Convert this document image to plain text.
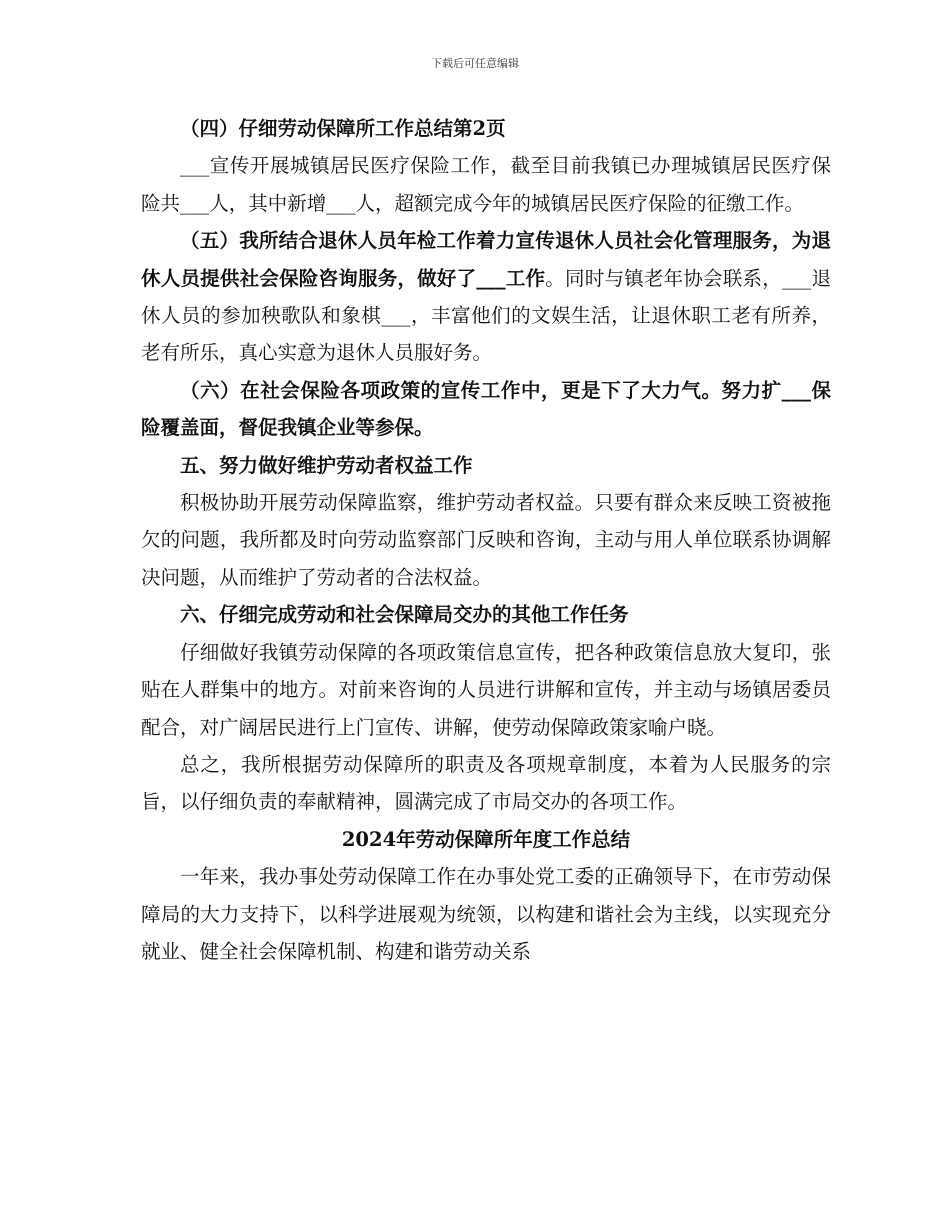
下载后可任意编辑

（四）仔细劳动保障所工作总结第2页

___宣传开展城镇居民医疗保险工作，截至目前我镇已办理城镇居民医疗保险共___人，其中新增___人，超额完成今年的城镇居民医疗保险的征缴工作。

（五）我所结合退休人员年检工作着力宣传退休人员社会化管理服务，为退休人员提供社会保险咨询服务，做好了___工作。同时与镇老年协会联系，___退休人员的参加秧歌队和象棋___，丰富他们的文娱生活，让退休职工老有所养，老有所乐，真心实意为退休人员服好务。

（六）在社会保险各项政策的宣传工作中，更是下了大力气。努力扩___保险覆盖面，督促我镇企业等参保。

五、努力做好维护劳动者权益工作

积极协助开展劳动保障监察，维护劳动者权益。只要有群众来反映工资被拖欠的问题，我所都及时向劳动监察部门反映和咨询，主动与用人单位联系协调解决问题，从而维护了劳动者的合法权益。

六、仔细完成劳动和社会保障局交办的其他工作任务

仔细做好我镇劳动保障的各项政策信息宣传，把各种政策信息放大复印，张贴在人群集中的地方。对前来咨询的人员进行讲解和宣传，并主动与场镇居委员配合，对广阔居民进行上门宣传、讲解，使劳动保障政策家喻户晓。

总之，我所根据劳动保障所的职责及各项规章制度，本着为人民服务的宗旨，以仔细负责的奉献精神，圆满完成了市局交办的各项工作。

2024年劳动保障所年度工作总结

一年来，我办事处劳动保障工作在办事处党工委的正确领导下，在市劳动保障局的大力支持下，以科学进展观为统领，以构建和谐社会为主线，以实现充分就业、健全社会保障机制、构建和谐劳动关系
